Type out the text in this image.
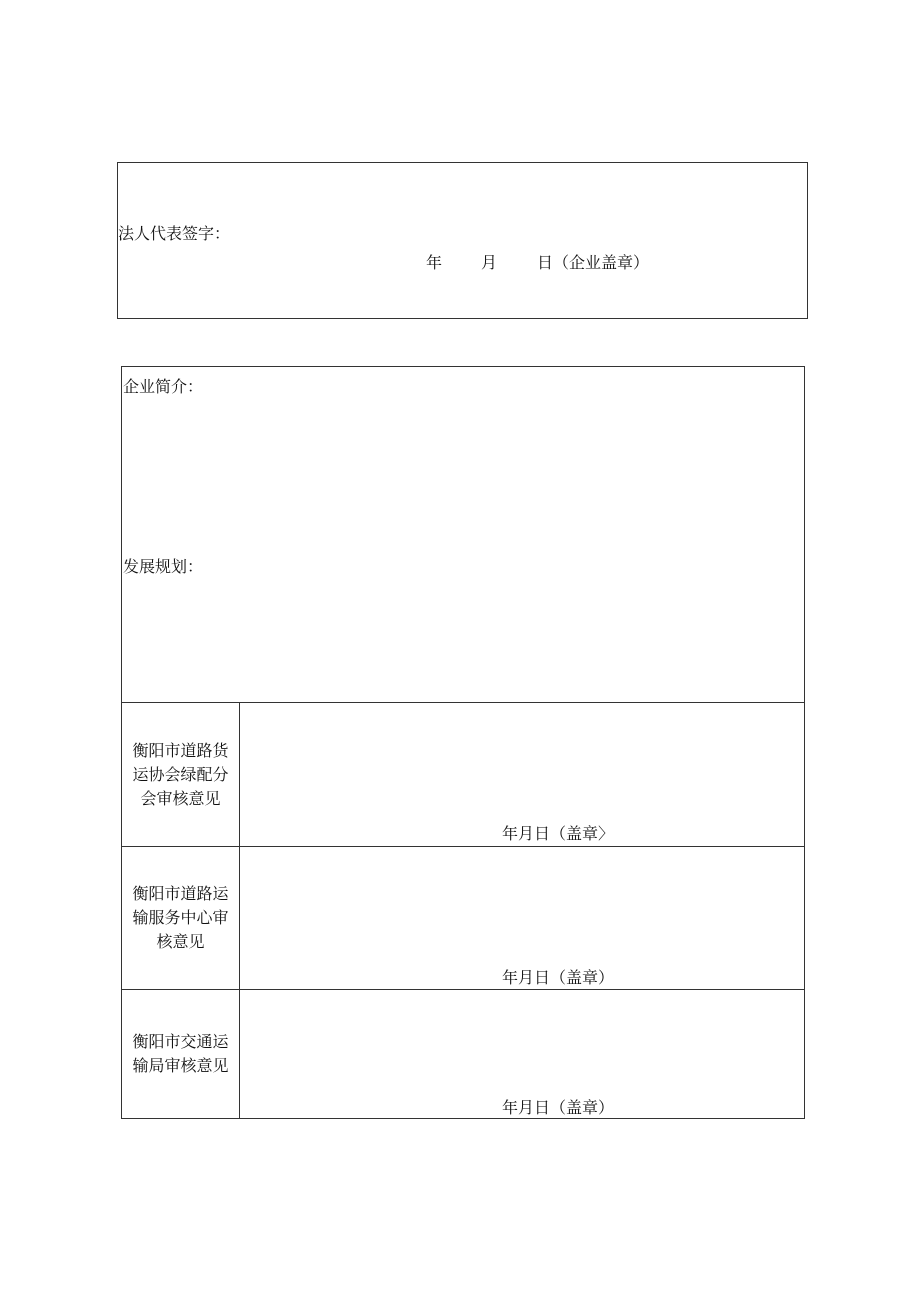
法人代表签字：
年 月 日（企业盖章）
企业简介：
发展规划：
衡阳市道路货运协会绿配分会审核意见
年月日（盖章〉
衡阳市道路运输服务中心审核意见
年月日（盖章）
衡阳市交通运输局审核意见
年月日（盖章）
